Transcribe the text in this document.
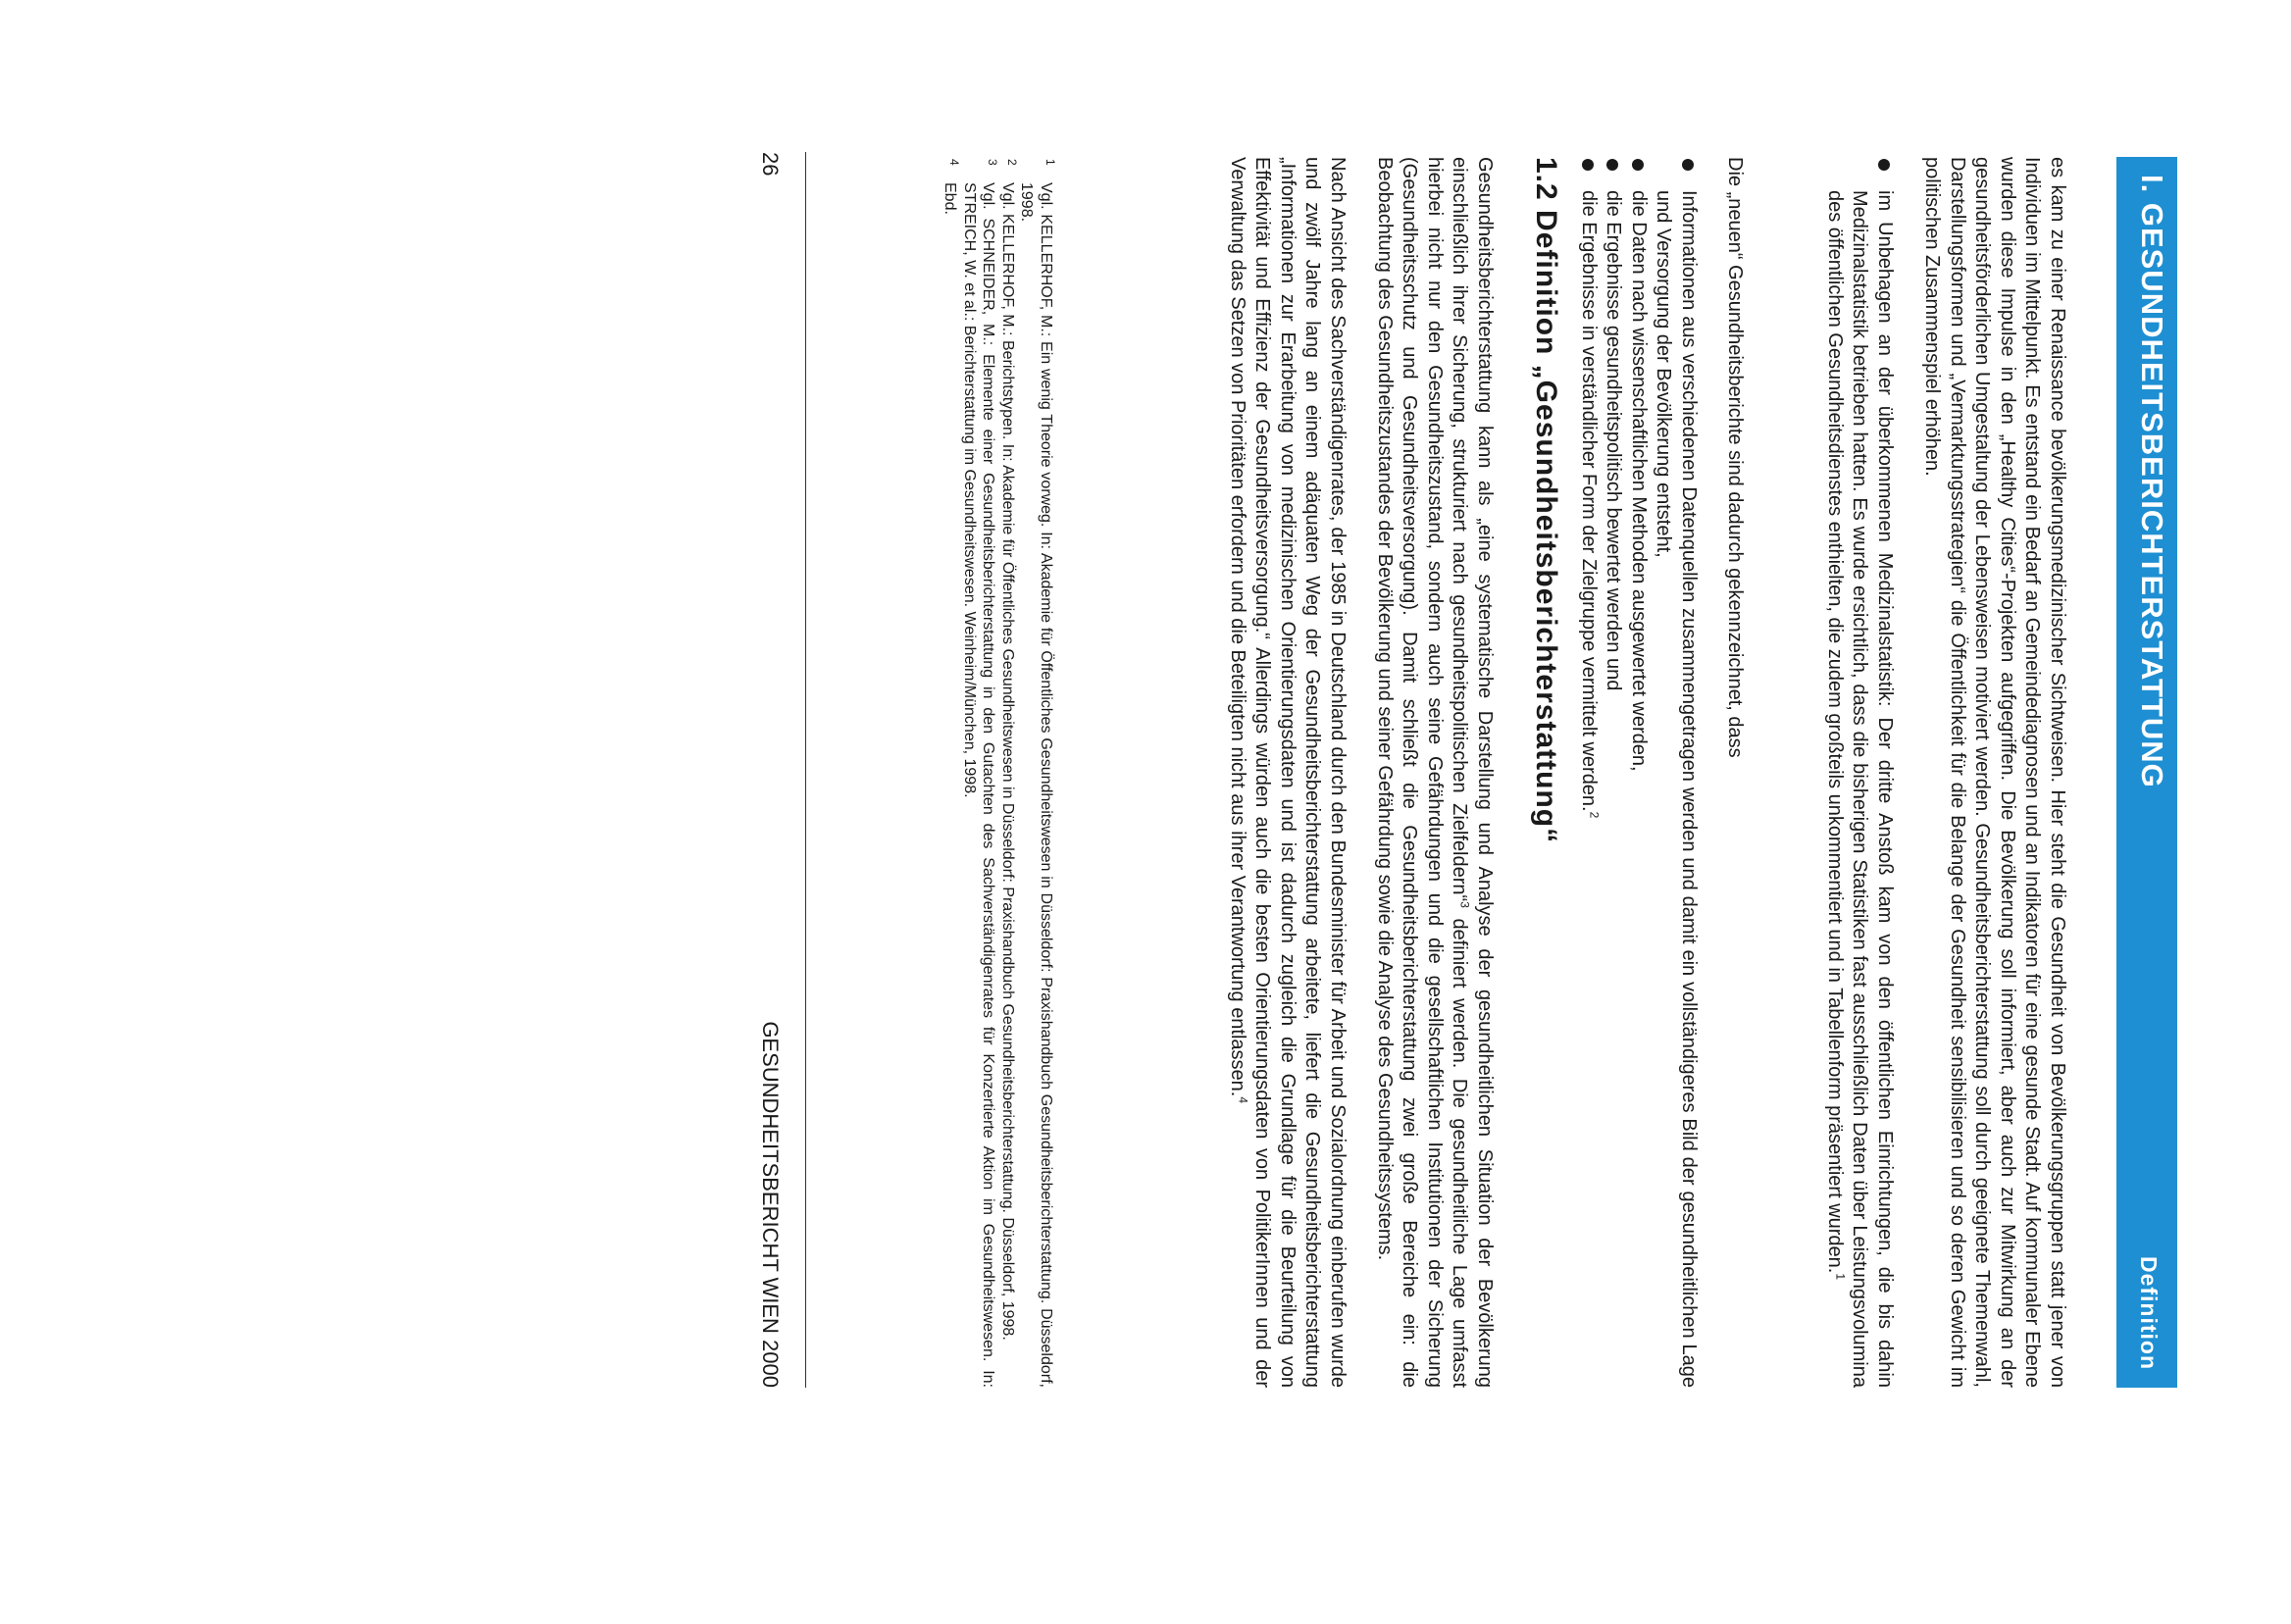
I. GESUNDHEITSBERICHTERSTATTUNG
Definition

es kam zu einer Renaissance bevölkerungsmedizinischer Sichtweisen. Hier steht die Gesundheit von Bevölkerungsgruppen statt jener von Individuen im Mittelpunkt. Es entstand ein Bedarf an Gemeindediagnosen und an Indikatoren für eine gesunde Stadt. Auf kommunaler Ebene wurden diese Impulse in den „Healthy Cities“-Projekten aufgegriffen. Die Bevölkerung soll informiert, aber auch zur Mitwirkung an der gesundheitsförderlichen Umgestaltung der Lebensweisen motiviert werden. Gesundheitsberichterstattung soll durch geeignete Themenwahl, Darstellungsformen und „Vermarktungsstrategien“ die Öffentlichkeit für die Belange der Gesundheit sensibilisieren und so deren Gewicht im politischen Zusammenspiel erhöhen.

im Unbehagen an der überkommenen Medizinalstatistik: Der dritte Anstoß kam von den öffentlichen Einrichtungen, die bis dahin Medizinalstatistik betrieben hatten. Es wurde ersichtlich, dass die bisherigen Statistiken fast ausschließlich Daten über Leistungsvolumina des öffentlichen Gesundheitsdienstes enthielten, die zudem großteils unkommentiert und in Tabellenform präsentiert wurden.$^1$

Die „neuen“ Gesundheitsberichte sind dadurch gekennzeichnet, dass

Informationen aus verschiedenen Datenquellen zusammengetragen werden und damit ein vollständigeres Bild der gesundheitlichen Lage und Versorgung der Bevölkerung entsteht,
die Daten nach wissenschaftlichen Methoden ausgewertet werden,
die Ergebnisse gesundheitspolitisch bewertet werden und
die Ergebnisse in verständlicher Form der Zielgruppe vermittelt werden.$^2$
1.2 Definition „Gesundheitsberichterstattung“

Gesundheitsberichterstattung kann als „eine systematische Darstellung und Analyse der gesundheitlichen Situation der Bevölkerung einschließlich ihrer Sicherung, strukturiert nach gesundheitspolitischen Zielfeldern“$^3$ definiert werden. Die gesundheitliche Lage umfasst hierbei nicht nur den Gesundheitszustand, sondern auch seine Gefährdungen und die gesellschaftlichen Institutionen der Sicherung (Gesundheitsschutz und Gesundheitsversorgung). Damit schließt die Gesundheitsberichterstattung zwei große Bereiche ein: die Beobachtung des Gesundheitszustandes der Bevölkerung und seiner Gefährdung sowie die Analyse des Gesundheitssystems.

Nach Ansicht des Sachverständigenrates, der 1985 in Deutschland durch den Bundesminister für Arbeit und Sozialordnung einberufen wurde und zwölf Jahre lang an einem adäquaten Weg der Gesundheitsberichterstattung arbeitete, liefert die Gesundheitsberichterstattung „Informationen zur Erarbeitung von medizinischen Orientierungsdaten und ist dadurch zugleich die Grundlage für die Beurteilung von Effektivität und Effizienz der Gesundheitsversorgung.“ Allerdings würden auch die besten Orientierungsdaten von PolitikerInnen und der Verwaltung das Setzen von Prioritäten erfordern und die Beteiligten nicht aus ihrer Verantwortung entlassen.$^4$

1
Vgl. KELLERHOF, M.: Ein wenig Theorie vorweg. In: Akademie für Öffentliches Gesundheitswesen in Düsseldorf: Praxishandbuch Gesundheitsberichterstattung. Düsseldorf, 1998.
2
Vgl. KELLERHOF, M.: Berichtstypen. In: Akademie für Öffentliches Gesundheitswesen in Düsseldorf: Praxishandbuch Gesundheitsberichterstattung. Düsseldorf, 1998.
3
Vgl. SCHNEIDER, M.: Elemente einer Gesundheitsberichterstattung in den Gutachten des Sachverständigenrates für Konzertierte Aktion im Gesundheitswesen. In: STREICH, W. et al.: Berichterstattung im Gesundheitswesen. Weinheim/München, 1998.
4
Ebd.
26
GESUNDHEITSBERICHT WIEN 2000
